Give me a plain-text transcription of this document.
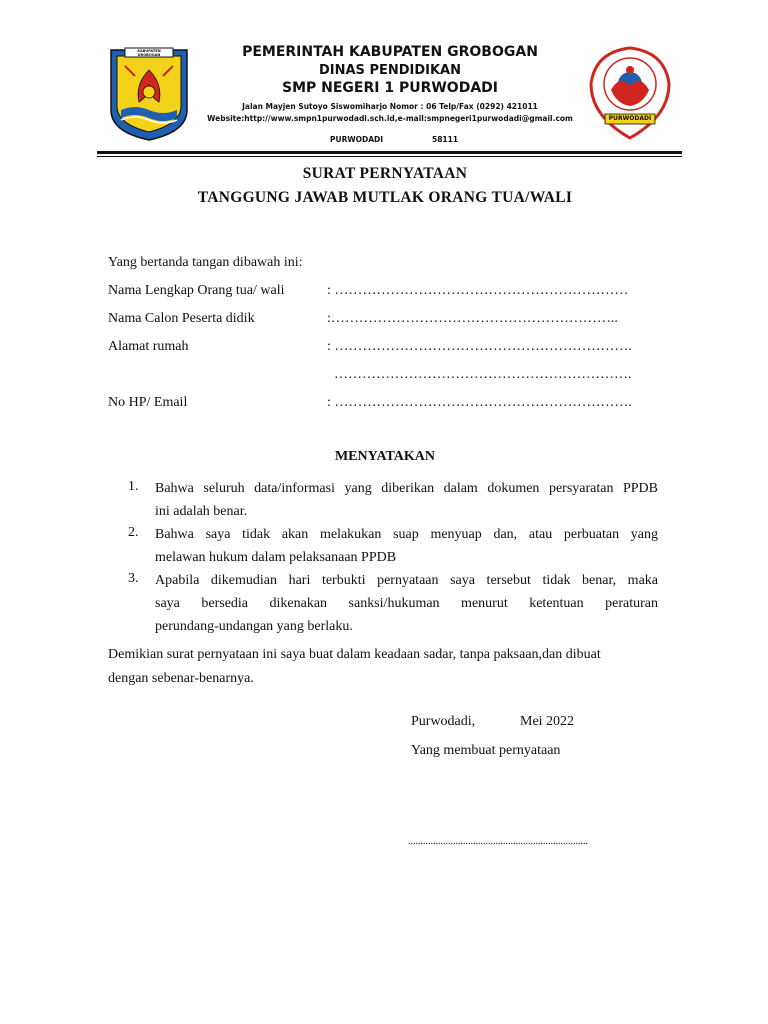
KABUPATEN GROBOGAN
PURWODADI
PEMERINTAH KABUPATEN GROBOGAN
DINAS PENDIDIKAN
SMP NEGERI 1 PURWODADI
Jalan Mayjen Sutoyo Siswomiharjo Nomor : 06 Telp/Fax (0292) 421011
Website:http://www.smpn1purwodadi.sch.id,e-mail:smpnegeri1purwodadi@gmail.com
PURWODADI	58111
SURAT PERNYATAAN
TANGGUNG JAWAB MUTLAK ORANG TUA/WALI
Yang bertanda tangan dibawah ini:
Nama Lengkap Orang tua/ wali	: ………………………………………………………
Nama Calon Peserta didik	:……………………………………………………..
Alamat rumah	: ……………………………………………………….
……………………………………………………….
No HP/ Email	: ……………………………………………………….
MENYATAKAN
1. Bahwa seluruh data/informasi yang diberikan dalam dokumen persyaratan PPDB
ini adalah benar.
2. Bahwa saya tidak akan melakukan suap menyuap dan, atau perbuatan yang
melawan hukum dalam pelaksanaan PPDB
3. Apabila dikemudian hari terbukti pernyataan saya tersebut tidak benar, maka
saya bersedia dikenakan sanksi/hukuman menurut ketentuan peraturan
perundang-undangan yang berlaku.
Demikian surat pernyataan ini saya buat dalam keadaan sadar, tanpa paksaan,dan dibuat
dengan sebenar-benarnya.
Purwodadi,	Mei 2022
Yang membuat pernyataan
........................................................................
